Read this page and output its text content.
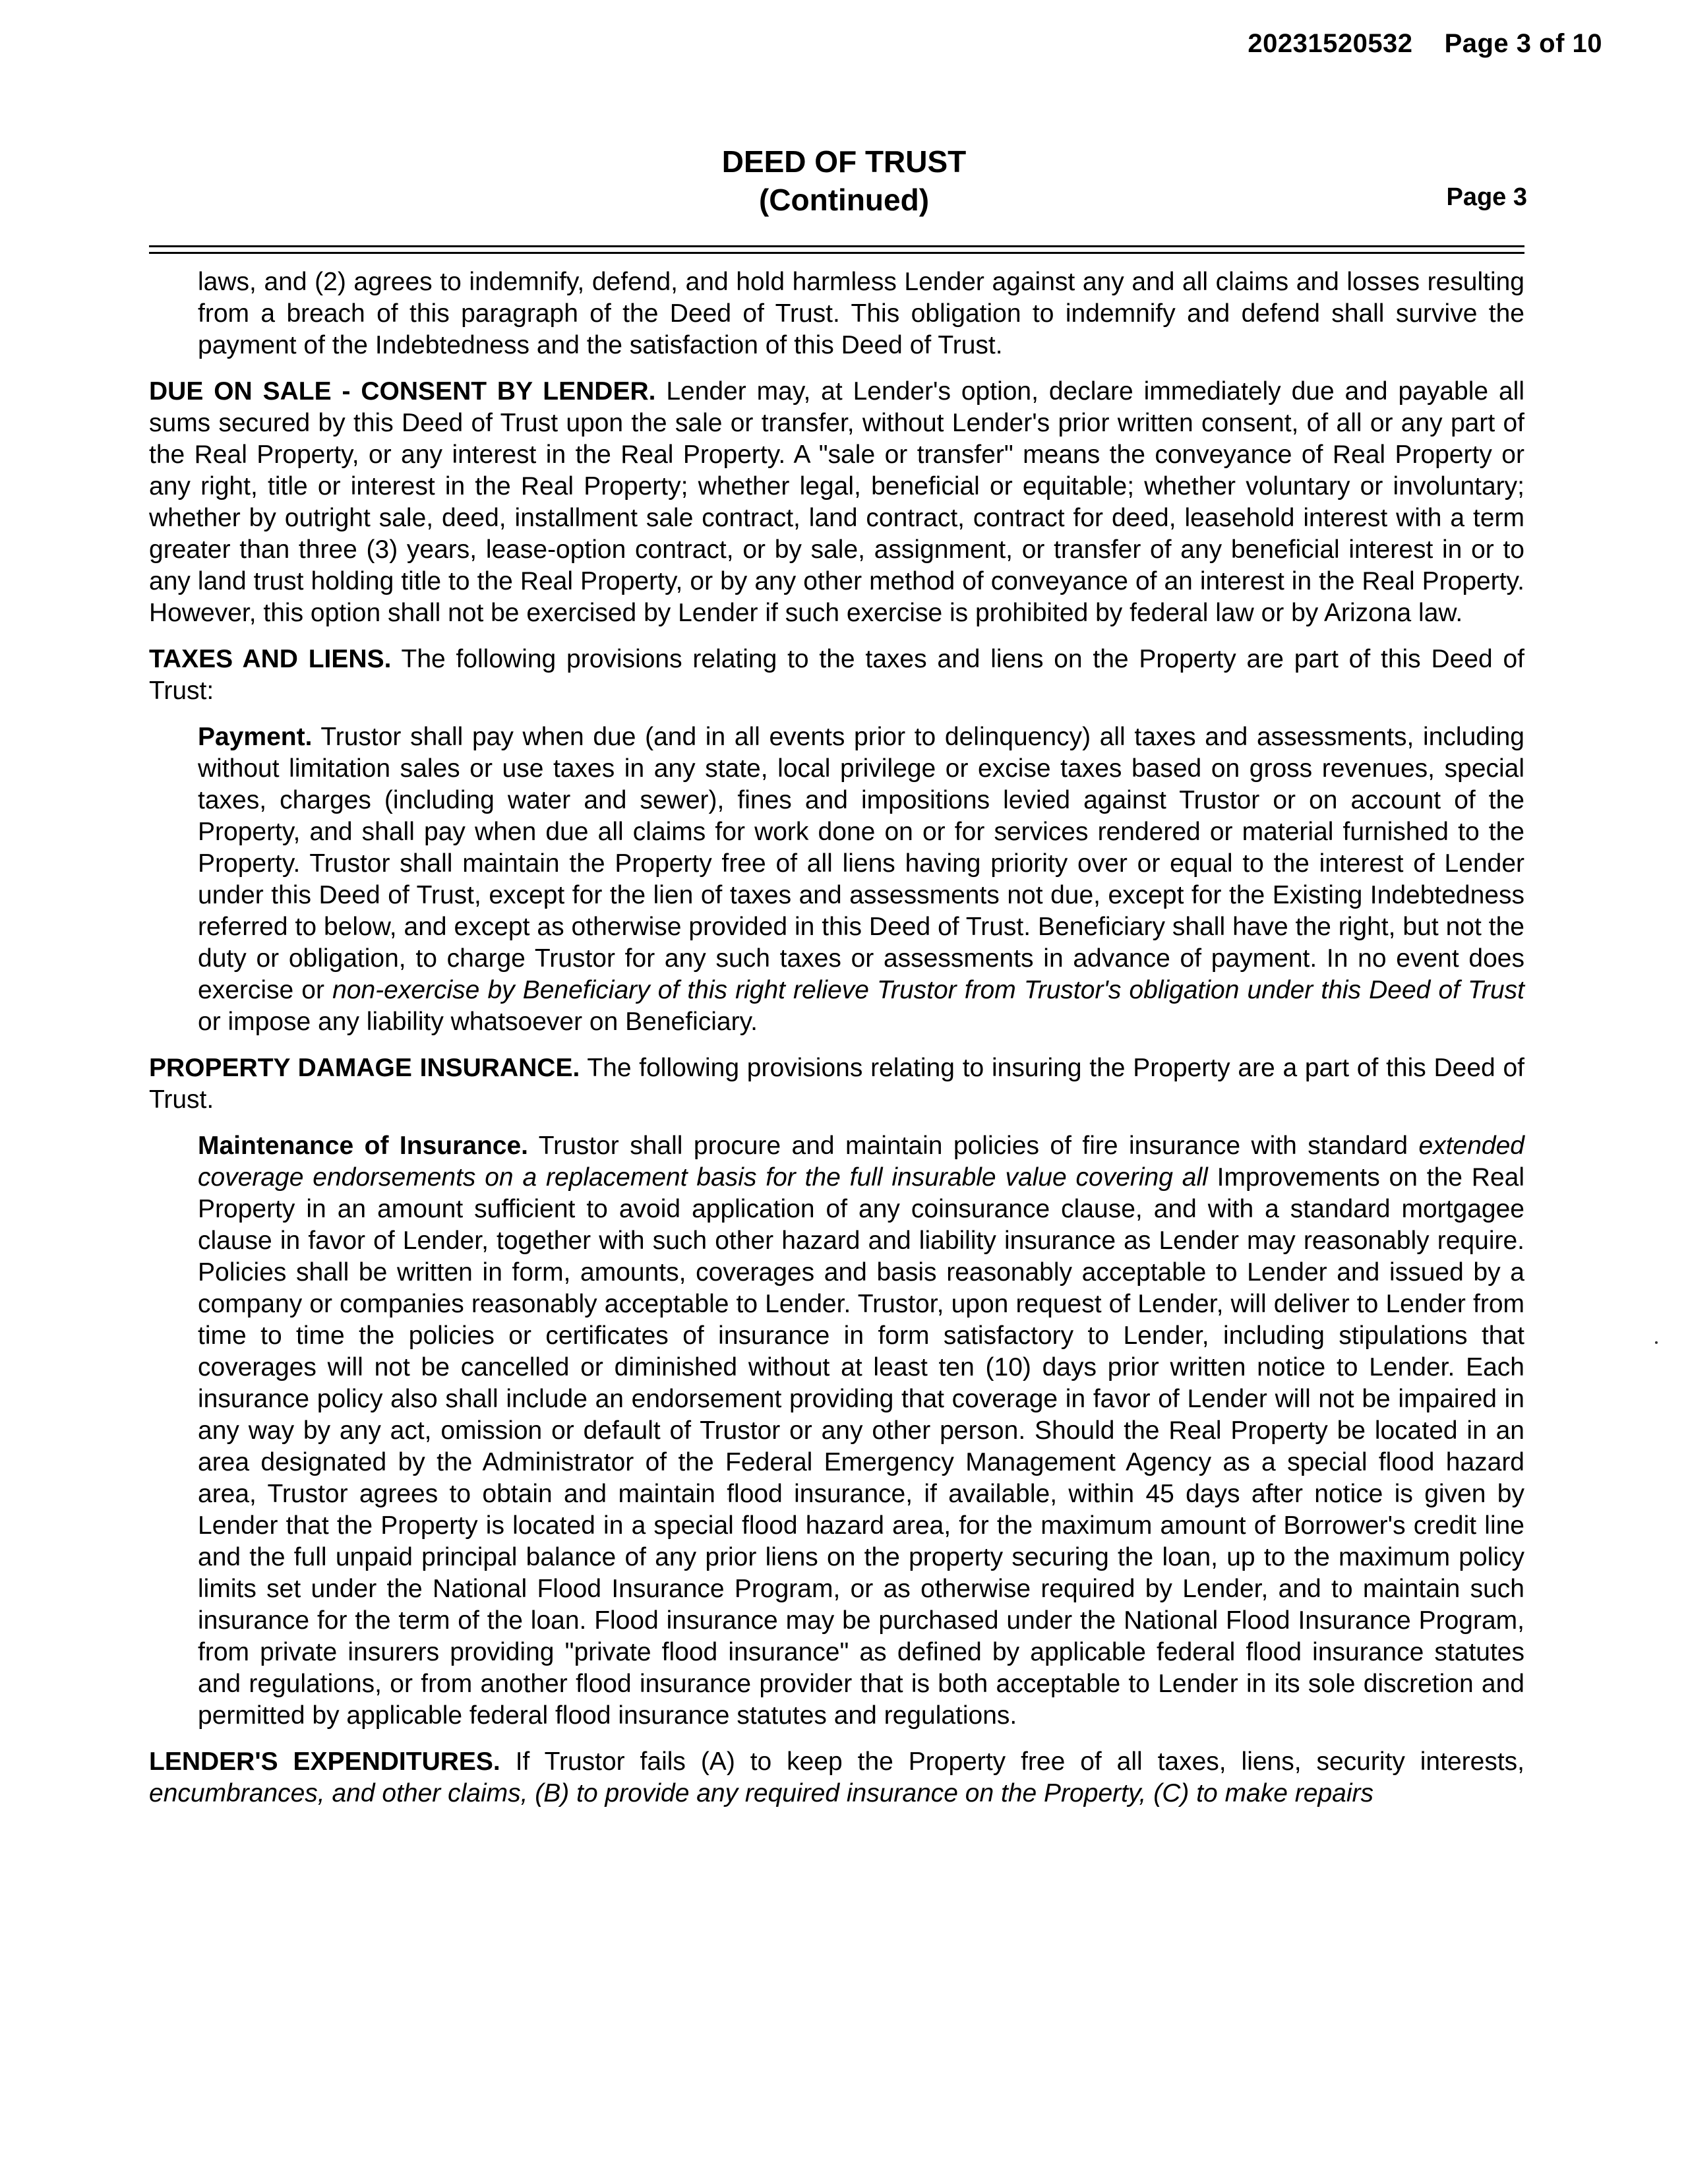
20231520532 Page 3 of 10
DEED OF TRUST
(Continued)	Page 3

laws, and (2) agrees to indemnify, defend, and hold harmless Lender against any and all claims and losses resulting from a breach of this paragraph of the Deed of Trust. This obligation to indemnify and defend shall survive the payment of the Indebtedness and the satisfaction of this Deed of Trust.

DUE ON SALE - CONSENT BY LENDER. Lender may, at Lender's option, declare immediately due and payable all sums secured by this Deed of Trust upon the sale or transfer, without Lender's prior written consent, of all or any part of the Real Property, or any interest in the Real Property. A "sale or transfer" means the conveyance of Real Property or any right, title or interest in the Real Property; whether legal, beneficial or equitable; whether voluntary or involuntary; whether by outright sale, deed, installment sale contract, land contract, contract for deed, leasehold interest with a term greater than three (3) years, lease-option contract, or by sale, assignment, or transfer of any beneficial interest in or to any land trust holding title to the Real Property, or by any other method of conveyance of an interest in the Real Property. However, this option shall not be exercised by Lender if such exercise is prohibited by federal law or by Arizona law.

TAXES AND LIENS. The following provisions relating to the taxes and liens on the Property are part of this Deed of Trust:

Payment. Trustor shall pay when due (and in all events prior to delinquency) all taxes and assessments, including without limitation sales or use taxes in any state, local privilege or excise taxes based on gross revenues, special taxes, charges (including water and sewer), fines and impositions levied against Trustor or on account of the Property, and shall pay when due all claims for work done on or for services rendered or material furnished to the Property. Trustor shall maintain the Property free of all liens having priority over or equal to the interest of Lender under this Deed of Trust, except for the lien of taxes and assessments not due, except for the Existing Indebtedness referred to below, and except as otherwise provided in this Deed of Trust. Beneficiary shall have the right, but not the duty or obligation, to charge Trustor for any such taxes or assessments in advance of payment. In no event does exercise or non-exercise by Beneficiary of this right relieve Trustor from Trustor's obligation under this Deed of Trust or impose any liability whatsoever on Beneficiary.

PROPERTY DAMAGE INSURANCE. The following provisions relating to insuring the Property are a part of this Deed of Trust.

Maintenance of Insurance. Trustor shall procure and maintain policies of fire insurance with standard extended coverage endorsements on a replacement basis for the full insurable value covering all Improvements on the Real Property in an amount sufficient to avoid application of any coinsurance clause, and with a standard mortgagee clause in favor of Lender, together with such other hazard and liability insurance as Lender may reasonably require. Policies shall be written in form, amounts, coverages and basis reasonably acceptable to Lender and issued by a company or companies reasonably acceptable to Lender. Trustor, upon request of Lender, will deliver to Lender from time to time the policies or certificates of insurance in form satisfactory to Lender, including stipulations that coverages will not be cancelled or diminished without at least ten (10) days prior written notice to Lender. Each insurance policy also shall include an endorsement providing that coverage in favor of Lender will not be impaired in any way by any act, omission or default of Trustor or any other person. Should the Real Property be located in an area designated by the Administrator of the Federal Emergency Management Agency as a special flood hazard area, Trustor agrees to obtain and maintain flood insurance, if available, within 45 days after notice is given by Lender that the Property is located in a special flood hazard area, for the maximum amount of Borrower's credit line and the full unpaid principal balance of any prior liens on the property securing the loan, up to the maximum policy limits set under the National Flood Insurance Program, or as otherwise required by Lender, and to maintain such insurance for the term of the loan. Flood insurance may be purchased under the National Flood Insurance Program, from private insurers providing "private flood insurance" as defined by applicable federal flood insurance statutes and regulations, or from another flood insurance provider that is both acceptable to Lender in its sole discretion and permitted by applicable federal flood insurance statutes and regulations.

LENDER'S EXPENDITURES. If Trustor fails (A) to keep the Property free of all taxes, liens, security interests, encumbrances, and other claims, (B) to provide any required insurance on the Property, (C) to make repairs
